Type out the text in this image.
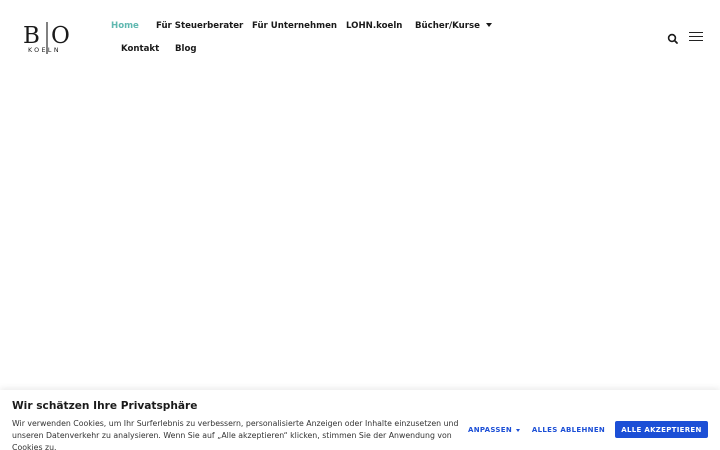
B O
KOELN
Home Für Steuerberater Für Unternehmen LOHN.koeln Bücher/Kurse
Kontakt Blog
Wir schätzen Ihre Privatsphäre

Wir verwenden Cookies, um Ihr Surferlebnis zu verbessern, personalisierte Anzeigen oder Inhalte einzusetzen und unseren Datenverkehr zu analysieren. Wenn Sie auf „Alle akzeptieren“ klicken, stimmen Sie der Anwendung von Cookies zu.

ANPASSEN	ALLES ABLEHNEN ALLE AKZEPTIEREN
